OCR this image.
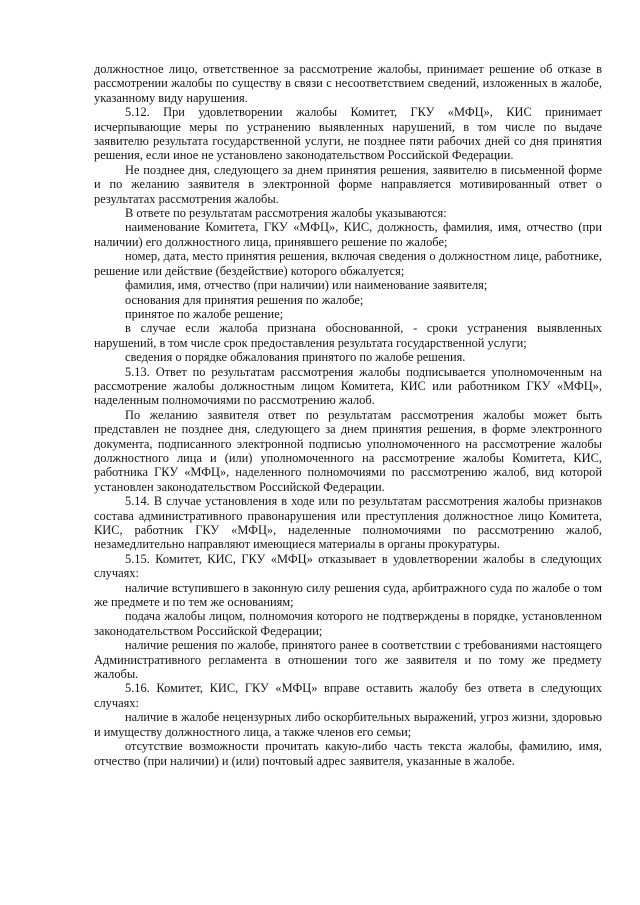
должностное лицо, ответственное за рассмотрение жалобы, принимает решение об отказе в рассмотрении жалобы по существу в связи с несоответствием сведений, изложенных в жалобе, указанному виду нарушения.

5.12. При удовлетворении жалобы Комитет, ГКУ «МФЦ», КИС принимает исчерпывающие меры по устранению выявленных нарушений, в том числе по выдаче заявителю результата государственной услуги, не позднее пяти рабочих дней со дня принятия решения, если иное не установлено законодательством Российской Федерации.

Не позднее дня, следующего за днем принятия решения, заявителю в письменной форме и по желанию заявителя в электронной форме направляется мотивированный ответ о результатах рассмотрения жалобы.

В ответе по результатам рассмотрения жалобы указываются:

наименование Комитета, ГКУ «МФЦ», КИС, должность, фамилия, имя, отчество (при наличии) его должностного лица, принявшего решение по жалобе;

номер, дата, место принятия решения, включая сведения о должностном лице, работнике, решение или действие (бездействие) которого обжалуется;

фамилия, имя, отчество (при наличии) или наименование заявителя;

основания для принятия решения по жалобе;

принятое по жалобе решение;

в случае если жалоба признана обоснованной, - сроки устранения выявленных нарушений, в том числе срок предоставления результата государственной услуги;

сведения о порядке обжалования принятого по жалобе решения.

5.13. Ответ по результатам рассмотрения жалобы подписывается уполномоченным на рассмотрение жалобы должностным лицом Комитета, КИС или работником ГКУ «МФЦ», наделенным полномочиями по рассмотрению жалоб.

По желанию заявителя ответ по результатам рассмотрения жалобы может быть представлен не позднее дня, следующего за днем принятия решения, в форме электронного документа, подписанного электронной подписью уполномоченного на рассмотрение жалобы должностного лица и (или) уполномоченного на рассмотрение жалобы Комитета, КИС, работника ГКУ «МФЦ», наделенного полномочиями по рассмотрению жалоб, вид которой установлен законодательством Российской Федерации.

5.14. В случае установления в ходе или по результатам рассмотрения жалобы признаков состава административного правонарушения или преступления должностное лицо Комитета, КИС, работник ГКУ «МФЦ», наделенные полномочиями по рассмотрению жалоб, незамедлительно направляют имеющиеся материалы в органы прокуратуры.

5.15. Комитет, КИС, ГКУ «МФЦ» отказывает в удовлетворении жалобы в следующих случаях:

наличие вступившего в законную силу решения суда, арбитражного суда по жалобе о том же предмете и по тем же основаниям;

подача жалобы лицом, полномочия которого не подтверждены в порядке, установленном законодательством Российской Федерации;

наличие решения по жалобе, принятого ранее в соответствии с требованиями настоящего Административного регламента в отношении того же заявителя и по тому же предмету жалобы.

5.16. Комитет, КИС, ГКУ «МФЦ» вправе оставить жалобу без ответа в следующих случаях:

наличие в жалобе нецензурных либо оскорбительных выражений, угроз жизни, здоровью и имуществу должностного лица, а также членов его семьи;

отсутствие возможности прочитать какую-либо часть текста жалобы, фамилию, имя, отчество (при наличии) и (или) почтовый адрес заявителя, указанные в жалобе.
